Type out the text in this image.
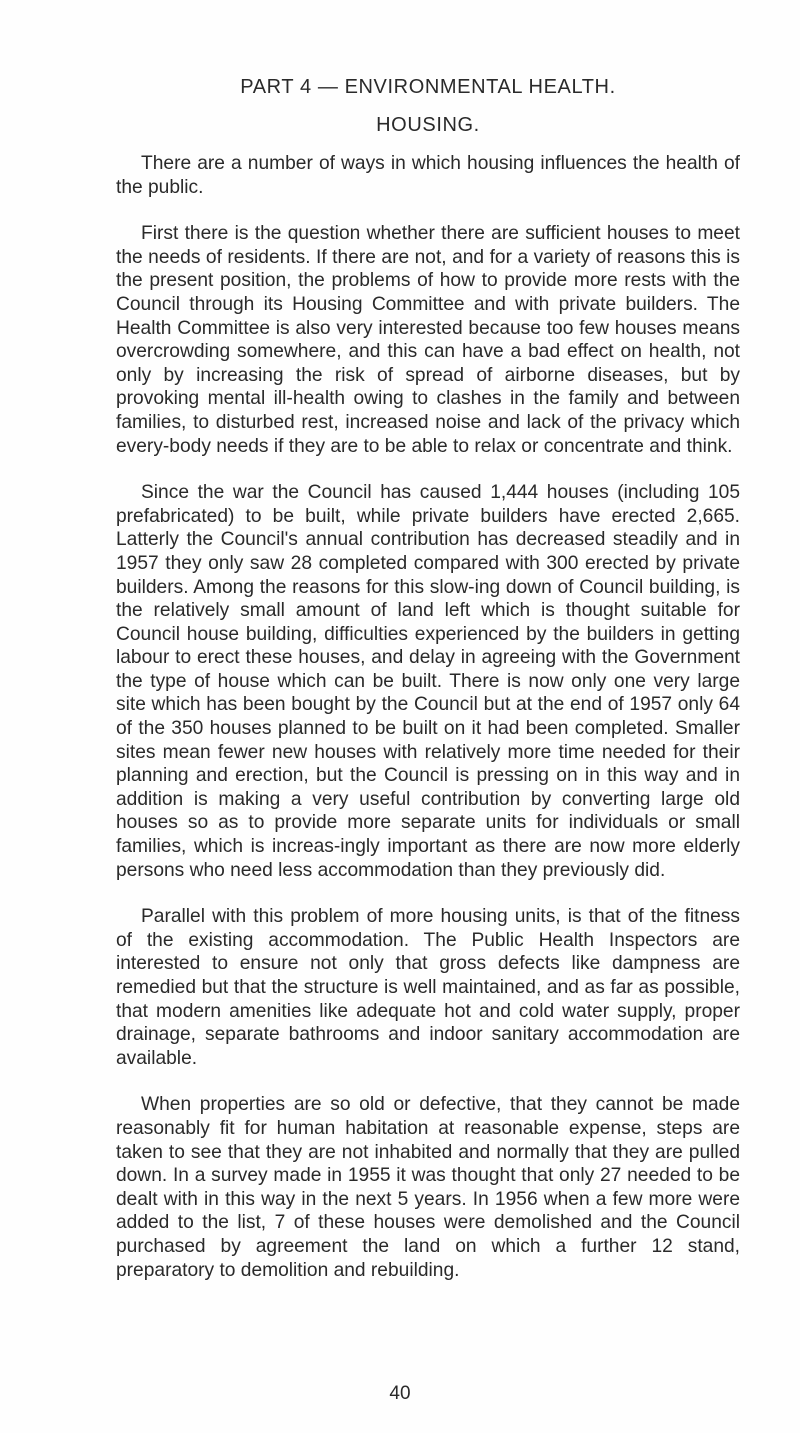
PART 4 — ENVIRONMENTAL HEALTH.
HOUSING.

There are a number of ways in which housing influences the health of the public.

First there is the question whether there are sufficient houses to meet the needs of residents. If there are not, and for a variety of reasons this is the present position, the problems of how to provide more rests with the Council through its Housing Committee and with private builders. The Health Committee is also very interested because too few houses means overcrowding somewhere, and this can have a bad effect on health, not only by increasing the risk of spread of airborne diseases, but by provoking mental ill-health owing to clashes in the family and between families, to disturbed rest, increased noise and lack of the privacy which every-body needs if they are to be able to relax or concentrate and think.

Since the war the Council has caused 1,444 houses (including 105 prefabricated) to be built, while private builders have erected 2,665. Latterly the Council's annual contribution has decreased steadily and in 1957 they only saw 28 completed compared with 300 erected by private builders. Among the reasons for this slow-ing down of Council building, is the relatively small amount of land left which is thought suitable for Council house building, difficulties experienced by the builders in getting labour to erect these houses, and delay in agreeing with the Government the type of house which can be built. There is now only one very large site which has been bought by the Council but at the end of 1957 only 64 of the 350 houses planned to be built on it had been completed. Smaller sites mean fewer new houses with relatively more time needed for their planning and erection, but the Council is pressing on in this way and in addition is making a very useful contribution by converting large old houses so as to provide more separate units for individuals or small families, which is increas-ingly important as there are now more elderly persons who need less accommodation than they previously did.

Parallel with this problem of more housing units, is that of the fitness of the existing accommodation. The Public Health Inspectors are interested to ensure not only that gross defects like dampness are remedied but that the structure is well maintained, and as far as possible, that modern amenities like adequate hot and cold water supply, proper drainage, separate bathrooms and indoor sanitary accommodation are available.

When properties are so old or defective, that they cannot be made reasonably fit for human habitation at reasonable expense, steps are taken to see that they are not inhabited and normally that they are pulled down. In a survey made in 1955 it was thought that only 27 needed to be dealt with in this way in the next 5 years. In 1956 when a few more were added to the list, 7 of these houses were demolished and the Council purchased by agreement the land on which a further 12 stand, preparatory to demolition and rebuilding.

40
